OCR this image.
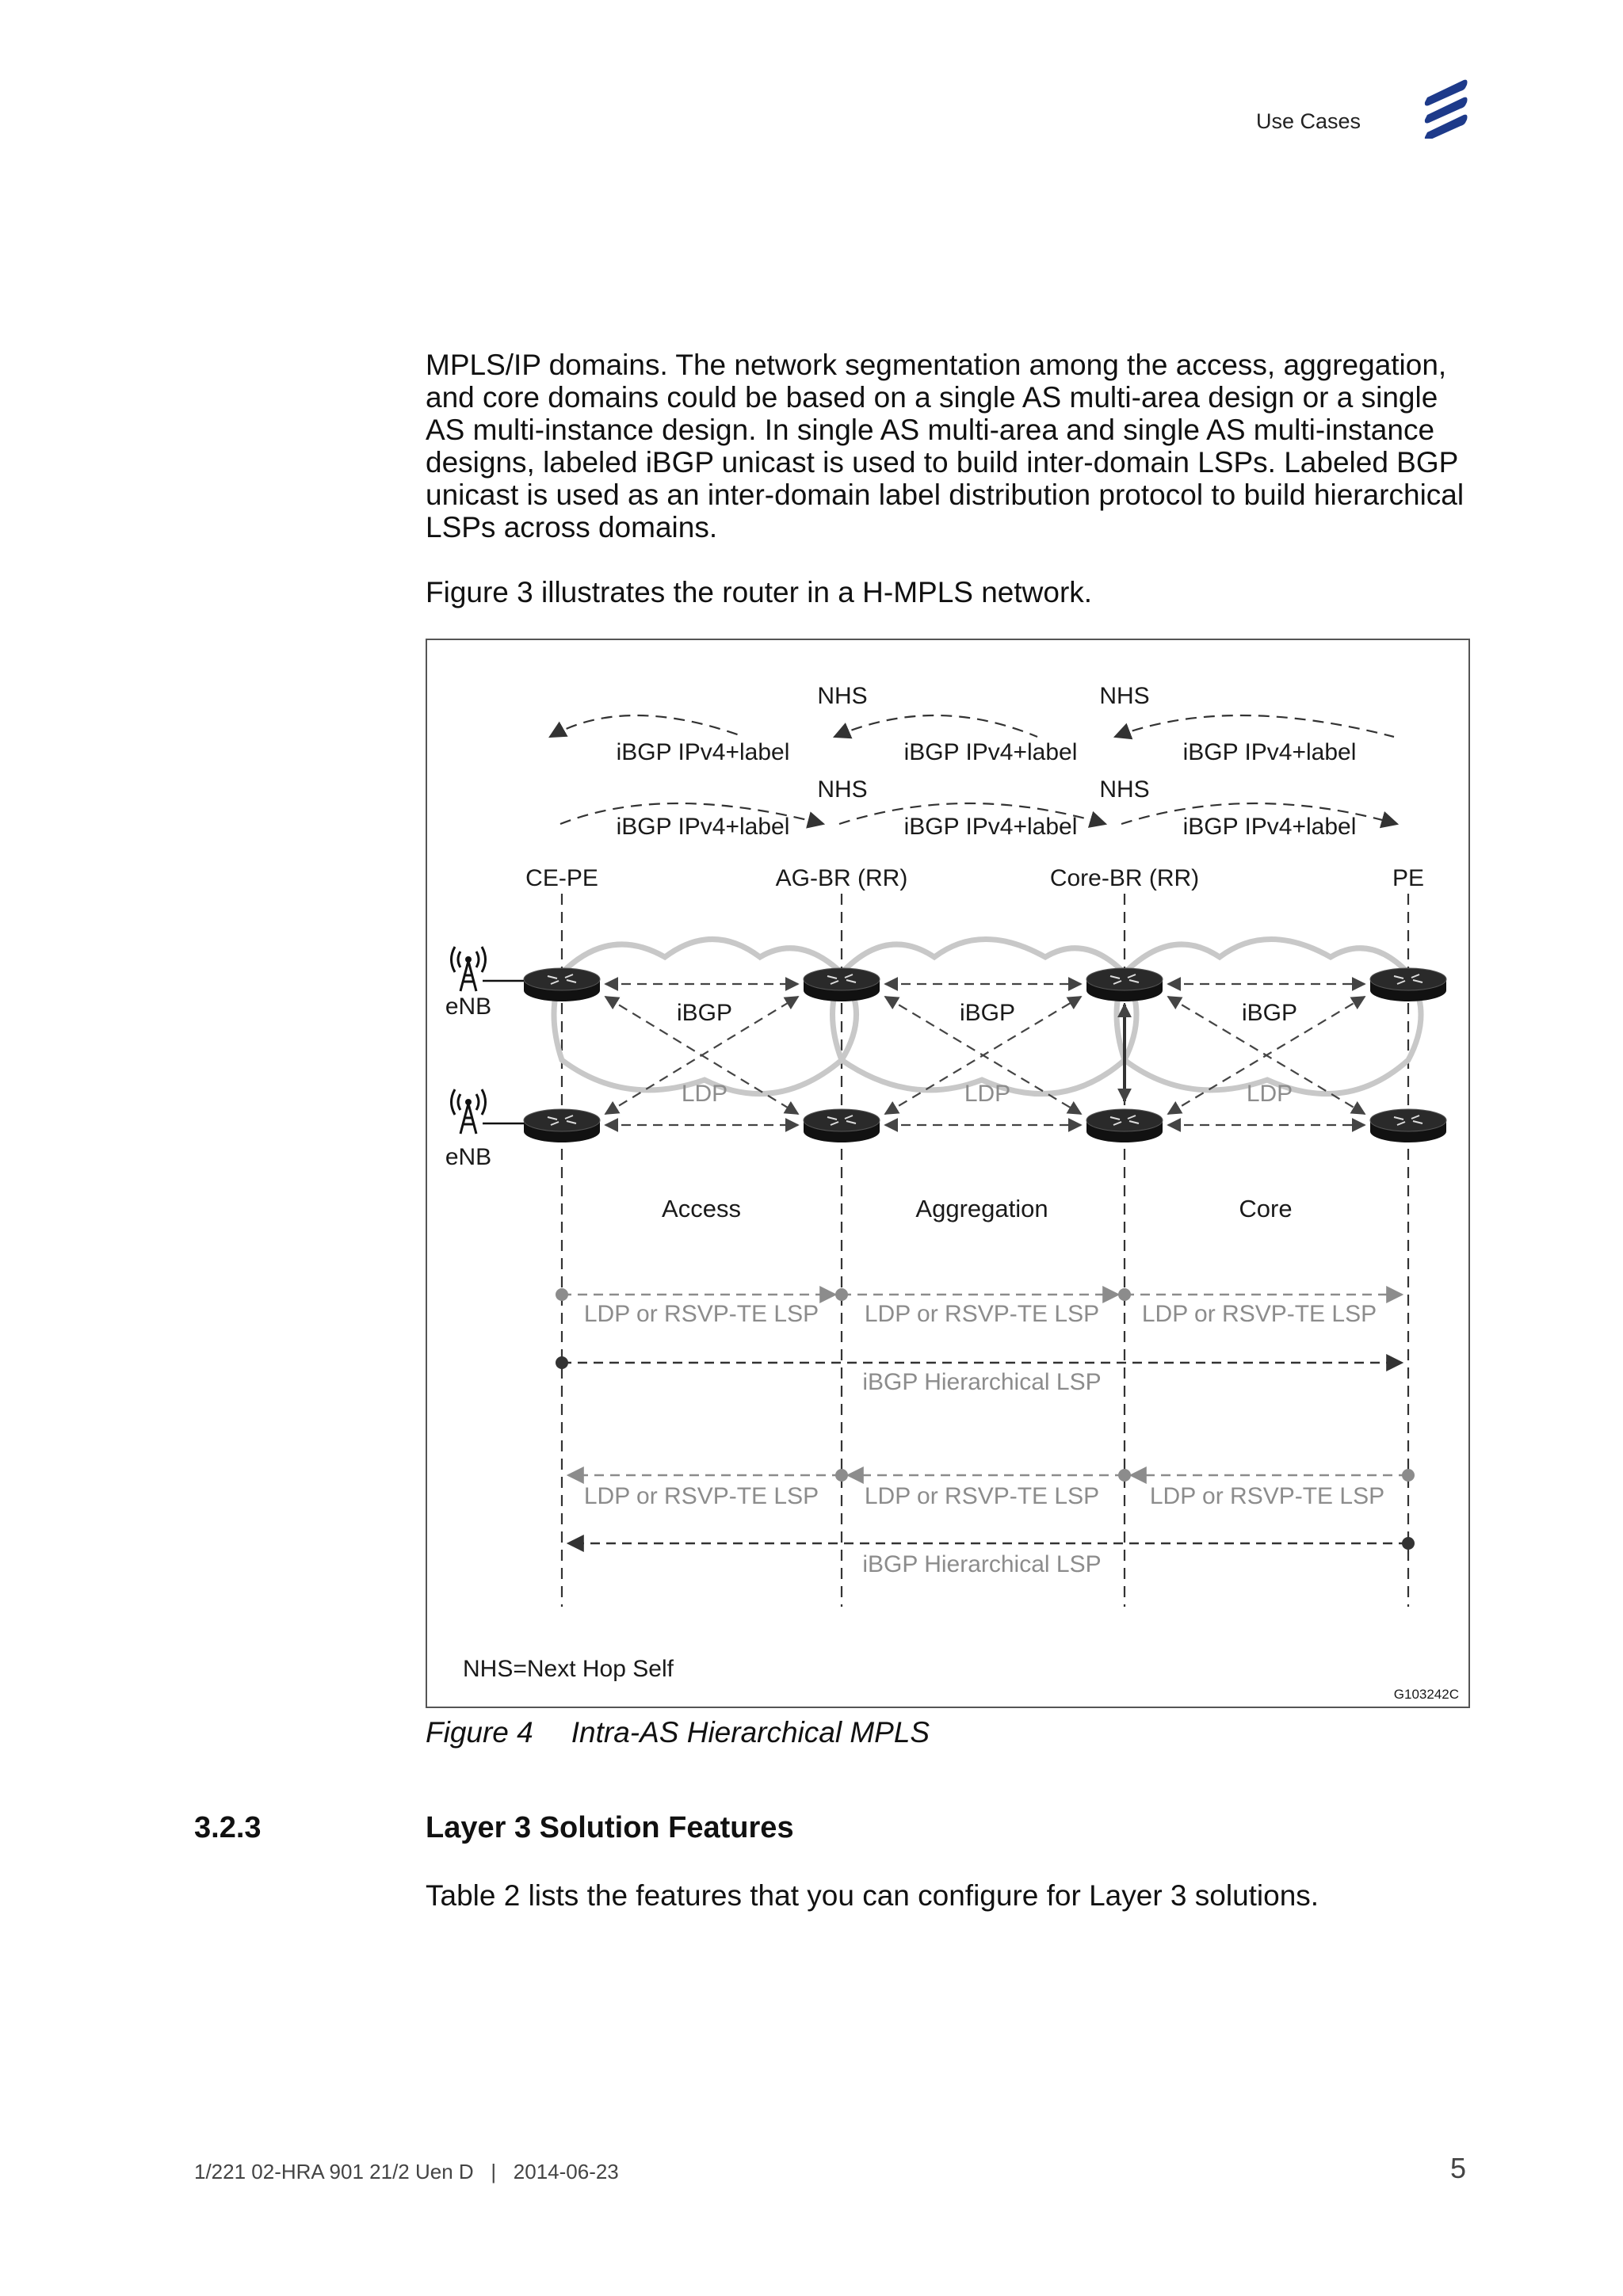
Use Cases
MPLS/IP domains. The network segmentation among the access, aggregation, and core domains could be based on a single AS multi-area design or a single AS multi-instance design. In single AS multi-area and single AS multi-instance designs, labeled iBGP unicast is used to build inter-domain LSPs. Labeled BGP unicast is used as an inter-domain label distribution protocol to build hierarchical LSPs across domains.
Figure 3 illustrates the router in a H-MPLS network.
NHS	NHS
iBGP IPv4+label	iBGP IPv4+label	iBGP IPv4+label
NHS	NHS
iBGP IPv4+label	iBGP IPv4+label	iBGP IPv4+label
CE-PE	AG-BR (RR)	Core-BR (RR)	PE
eNB
eNB
iBGP	iBGP	iBGP
LDP	LDP	LDP
Access	Aggregation	Core
LDP or RSVP-TE LSP LDP or RSVP-TE LSP LDP or RSVP-TE LSP
iBGP Hierarchical LSP
LDP or RSVP-TE LSP LDP or RSVP-TE LSP LDP or RSVP-TE LSP
iBGP Hierarchical LSP
NHS=Next Hop Self
G103242C
Figure 4 Intra-AS Hierarchical MPLS
3.2.3	Layer 3 Solution Features
Table 2 lists the features that you can configure for Layer 3 solutions.
1/221 02-HRA 901 21/2 Uen D   |   2014-06-23	5
